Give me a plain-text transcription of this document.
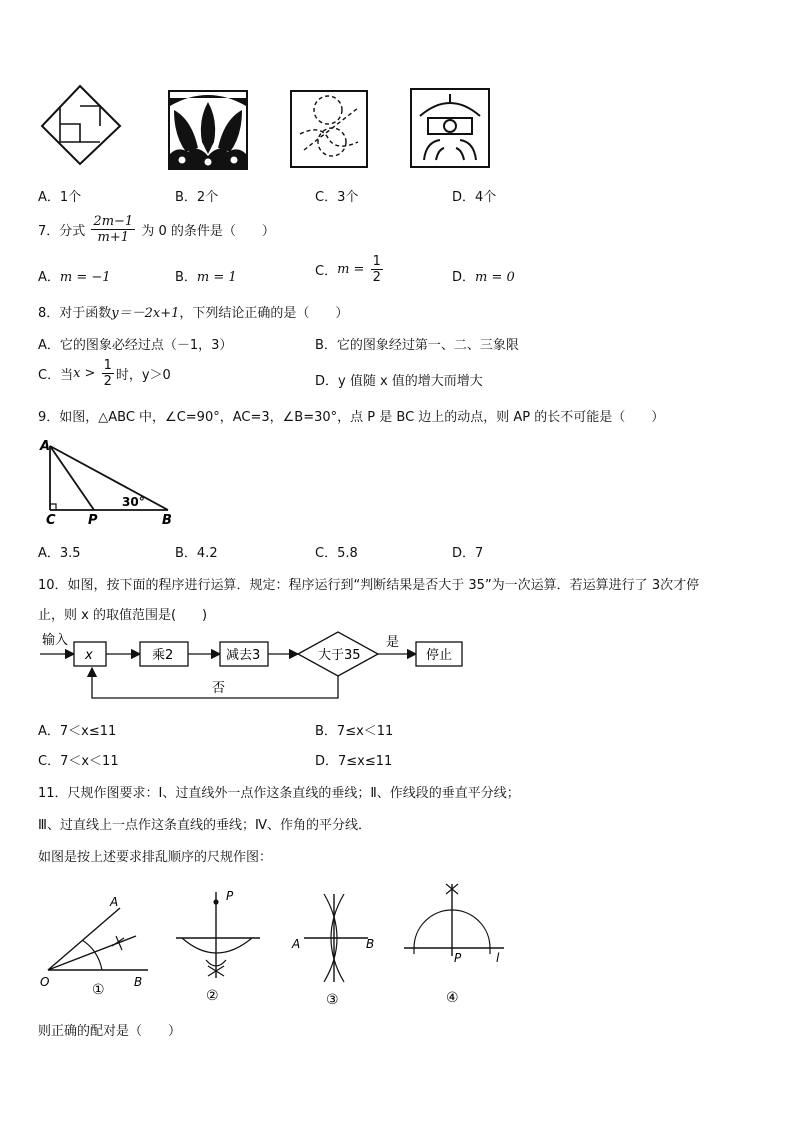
A．1个	B．2个	C．3个	D．4个
7．分式 $\frac{2m-1}{m+1}$ 为 0 的条件是（　　）
A．m = −1	B．m = 1	C．$m = \frac{1}{2}$	D．m = 0
8．对于函数y＝－2x+1，下列结论正确的是（　　）
A．它的图象必经过点（－1，3）	B．它的图象经过第一、二、三象限
C．当$x > \frac{1}{2}$ 时，y＞0	D．y 值随 x 值的增大而增大
9．如图，△ABC 中，∠C=90°，AC=3，∠B=30°，点 P 是 BC 边上的动点，则 AP 的长不可能是（　　）
A
C P	B
30°
A．3.5	B．4.2	C．5.8	D．7
10．如图，按下面的程序进行运算．规定：程序运行到“判断结果是否大于 35”为一次运算．若运算进行了 3次才停
止，则 x 的取值范围是(　　)
输入
x	乘2	减去3	大于35
是
停止
否
A．7＜x≤11	B．7≤x＜11
C．7＜x＜11	D．7≤x≤11
11．尺规作图要求：Ⅰ、过直线外一点作这条直线的垂线；Ⅱ、作线段的垂直平分线；
Ⅲ、过直线上一点作这条直线的垂线；Ⅳ、作角的平分线．
如图是按上述要求排乱顺序的尺规作图：
A
O	B
①
P
②
A	B
③
P	l
④
则正确的配对是（　　）
